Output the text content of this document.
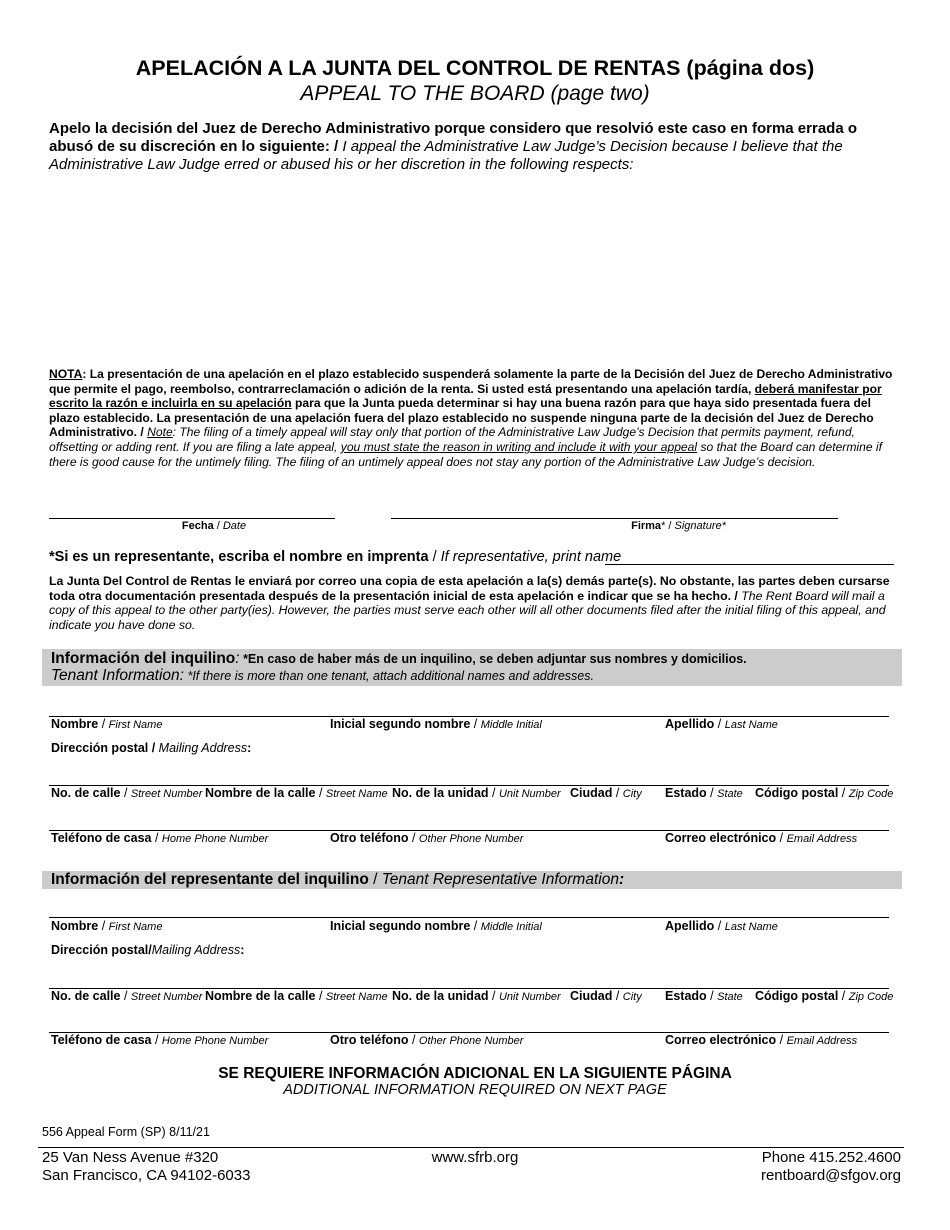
APELACIÓN A LA JUNTA DEL CONTROL DE RENTAS (página dos)
APPEAL TO THE BOARD (page two)
Apelo la decisión del Juez de Derecho Administrativo porque considero que resolvió este caso en forma errada o abusó de su discreción en lo siguiente: / I appeal the Administrative Law Judge’s Decision because I believe that the Administrative Law Judge erred or abused his or her discretion in the following respects:
NOTA: La presentación de una apelación en el plazo establecido suspenderá solamente la parte de la Decisión del Juez de Derecho Administrativo que permite el pago, reembolso, contrarreclamación o adición de la renta. Si usted está presentando una apelación tardía, deberá manifestar por escrito la razón e incluirla en su apelación para que la Junta pueda determinar si hay una buena razón para que haya sido presentada fuera del plazo establecido. La presentación de una apelación fuera del plazo establecido no suspende ninguna parte de la decisión del Juez de Derecho Administrativo. / Note: The filing of a timely appeal will stay only that portion of the Administrative Law Judge’s Decision that permits payment, refund, offsetting or adding rent. If you are filing a late appeal, you must state the reason in writing and include it with your appeal so that the Board can determine if there is good cause for the untimely filing. The filing of an untimely appeal does not stay any portion of the Administrative Law Judge’s decision.
Fecha / Date	Firma* / Signature*
*Si es un representante, escriba el nombre en imprenta / If representative, print name
La Junta Del Control de Rentas le enviará por correo una copia de esta apelación a la(s) demás parte(s). No obstante, las partes deben cursarse toda otra documentación presentada después de la presentación inicial de esta apelación e indicar que se ha hecho. / The Rent Board will mail a copy of this appeal to the other party(ies). However, the parties must serve each other will all other documents filed after the initial filing of this appeal, and indicate you have done so.
Información del inquilino: *En caso de haber más de un inquilino, se deben adjuntar sus nombres y domicilios.
Tenant Information: *If there is more than one tenant, attach additional names and addresses.
Nombre / First Name	Inicial segundo nombre / Middle Initial	Apellido / Last Name
Dirección postal / Mailing Address:
No. de calle / Street Number Nombre de la calle / Street Name No. de la unidad / Unit Number Ciudad / City Estado / State Código postal / Zip Code
Teléfono de casa / Home Phone Number	Otro teléfono / Other Phone Number	Correo electrónico / Email Address
Información del representante del inquilino / Tenant Representative Information:
Nombre / First Name	Inicial segundo nombre / Middle Initial	Apellido / Last Name
Dirección postal/Mailing Address:
No. de calle / Street Number Nombre de la calle / Street Name No. de la unidad / Unit Number Ciudad / City Estado / State Código postal / Zip Code
Teléfono de casa / Home Phone Number	Otro teléfono / Other Phone Number	Correo electrónico / Email Address
SE REQUIERE INFORMACIÓN ADICIONAL EN LA SIGUIENTE PÁGINA
ADDITIONAL INFORMATION REQUIRED ON NEXT PAGE
556 Appeal Form (SP) 8/11/21
25 Van Ness Avenue #320
San Francisco, CA 94102-6033
www.sfrb.org	Phone 415.252.4600
rentboard@sfgov.org
